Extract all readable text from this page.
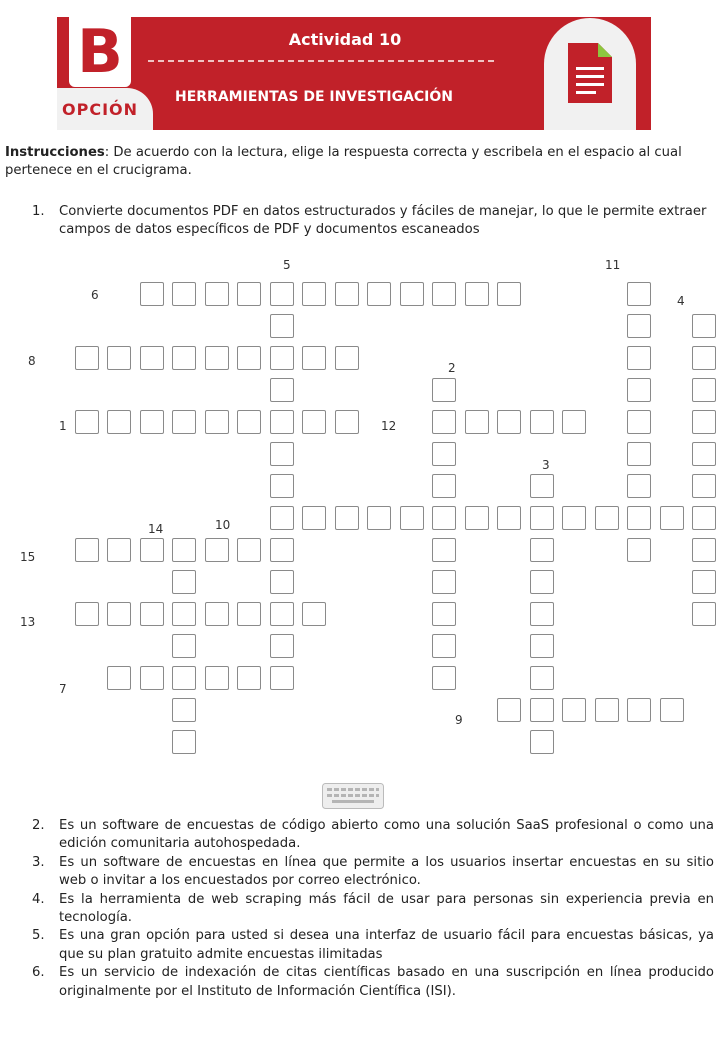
B
OPCIÓN
Actividad 10
HERRAMIENTAS DE INVESTIGACIÓN
Instrucciones: De acuerdo con la lectura, elige la respuesta correcta y escribela en el espacio al cual pertenece en el crucigrama.
1. Convierte documentos PDF en datos estructurados y fáciles de manejar, lo que le permite extraer campos de datos específicos de PDF y documentos escaneados
5	11
6	4
8	2
1	12
3
14	10
15
13
7
9
2. Es un software de encuestas de código abierto como una solución SaaS profesional o como una edición comunitaria autohospedada.
3. Es un software de encuestas en línea que permite a los usuarios insertar encuestas en su sitio web o invitar a los encuestados por correo electrónico.
4. Es la herramienta de web scraping más fácil de usar para personas sin experiencia previa en tecnología.
5. Es una gran opción para usted si desea una interfaz de usuario fácil para encuestas básicas, ya que su plan gratuito admite encuestas ilimitadas
6. Es un servicio de indexación de citas científicas basado en una suscripción en línea producido originalmente por el Instituto de Información Científica (ISI).
